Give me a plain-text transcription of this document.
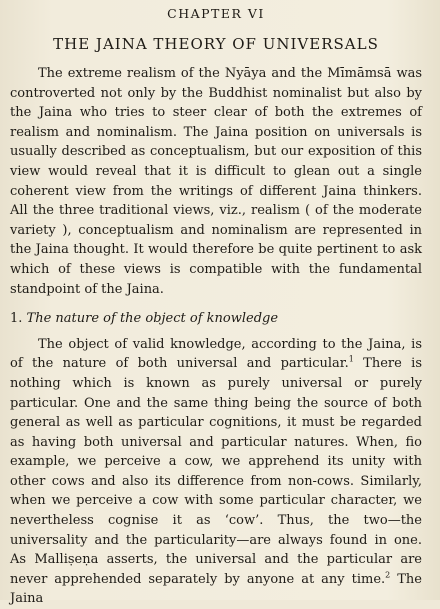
CHAPTER VI
THE JAINA THEORY OF UNIVERSALS

The extreme realism of the Nyāya and the Mīmāmsā was controverted not only by the Buddhist nominalist but also by the Jaina who tries to steer clear of both the extremes of realism and nominalism. The Jaina position on universals is usually described as conceptualism, but our exposition of this view would reveal that it is difficult to glean out a single coherent view from the writings of different Jaina thinkers. All the three traditional views, viz., realism ( of the moderate variety ), conceptualism and nominalism are represented in the Jaina thought. It would therefore be quite pertinent to ask which of these views is compatible with the fundamental standpoint of the Jaina.

1. The nature of the object of knowledge

The object of valid knowledge, according to the Jaina, is of the nature of both universal and particular.$^1$ There is nothing which is known as purely universal or purely particular. One and the same thing being the source of both general as well as particular cognitions, it must be regarded as having both universal and particular natures. When, fio example, we perceive a cow, we apprehend its unity with other cows and also its difference from non-cows. Similarly, when we perceive a cow with some particular character, we nevertheless cognise it as ‘cow’. Thus, the two—the universality and the particularity—are always found in one. As Malliṣeṇa asserts, the universal and the particular are never apprehended separately by anyone at any time.$^2$ The Jaina
